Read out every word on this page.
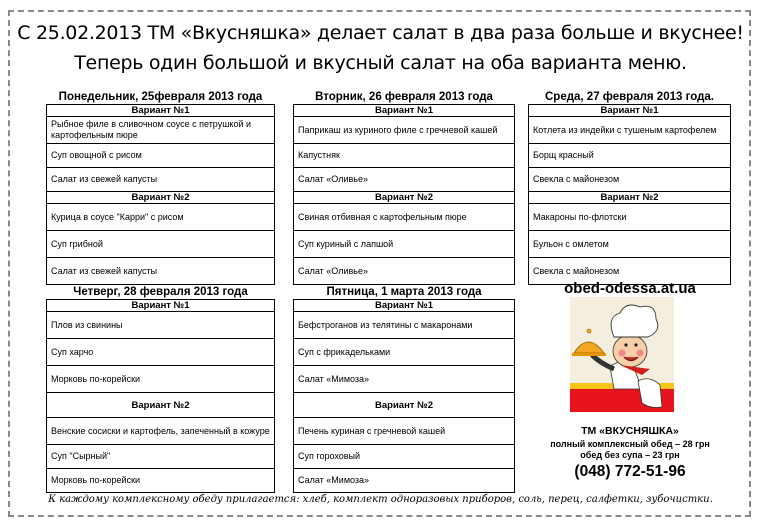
С 25.02.2013 ТМ «Вкусняшка» делает салат в два раза больше и вкуснее!
Теперь один большой и вкусный салат на оба варианта меню.
Понедельник, 25февраля 2013 года
Вариант №1
Рыбное филе в сливочном соусе с петрушкой и картофельным пюре
Суп овощной с рисом
Салат из свежей капусты
Вариант №2
Курица в соусе "Карри" с рисом
Суп грибной
Салат из свежей капусты
Вторник, 26 февраля 2013 года
Вариант №1
Паприкаш из куриного филе с гречневой кашей
Капустняк
Салат «Оливье»
Вариант №2
Свиная отбивная с картофельным пюре
Суп куриный с лапшой
Салат «Оливье»
Среда, 27 февраля 2013 года.
Вариант №1
Котлета из индейки с тушеным картофелем
Борщ красный
Свекла с майонезом
Вариант №2
Макароны по-флотски
Бульон с омлетом
Свекла с майонезом
Четверг, 28 февраля 2013 года
Вариант №1
Плов из свинины
Суп харчо
Морковь по-корейски
Вариант №2
Венские сосиски и картофель, запеченный в кожуре
Суп "Сырный"
Морковь по-корейски
Пятница, 1 марта 2013 года
Вариант №1
Бефстроганов из телятины с макаронами
Суп с фрикадельками
Салат «Мимоза»
Вариант №2
Печень куриная с гречневой кашей
Суп гороховый
Салат «Мимоза»
obed-odessa.at.ua
ТМ «ВКУСНЯШКА»
полный комплексный обед – 28 грн
обед без супа – 23 грн
(048) 772-51-96
К каждому комплексному обеду прилагается: хлеб, комплект одноразовых приборов, соль, перец, салфетки, зубочистки.
